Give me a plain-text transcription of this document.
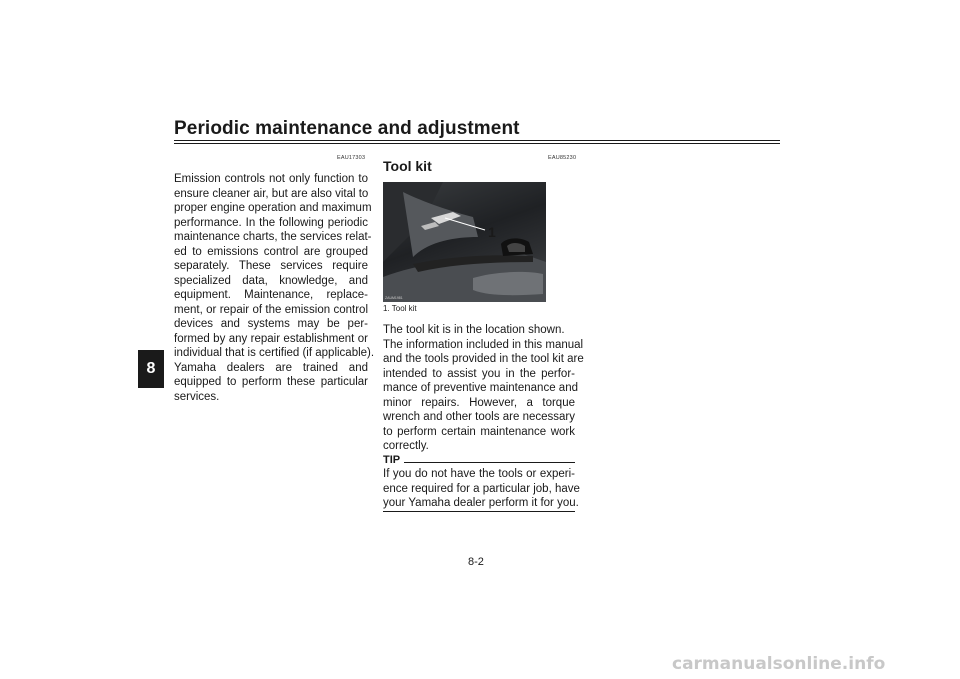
Periodic maintenance and adjustment
8
EAU17303
Emission controls not only function to
ensure cleaner air, but are also vital to
proper engine operation and maximum
performance. In the following periodic
maintenance charts, the services relat-
ed to emissions control are grouped
separately. These services require
specialized data, knowledge, and
equipment. Maintenance, replace-
ment, or repair of the emission control
devices and systems may be per-
formed by any repair establishment or
individual that is certified (if applicable).
Yamaha dealers are trained and
equipped to perform these particular
services.
EAU85230
Tool kit
ZAUM1981
1
1. Tool kit
The tool kit is in the location shown.
The information included in this manual
and the tools provided in the tool kit are
intended to assist you in the perfor-
mance of preventive maintenance and
minor repairs. However, a torque
wrench and other tools are necessary
to perform certain maintenance work
correctly.
TIP
If you do not have the tools or experi-
ence required for a particular job, have
your Yamaha dealer perform it for you.
8-2
carmanualsonline.info
